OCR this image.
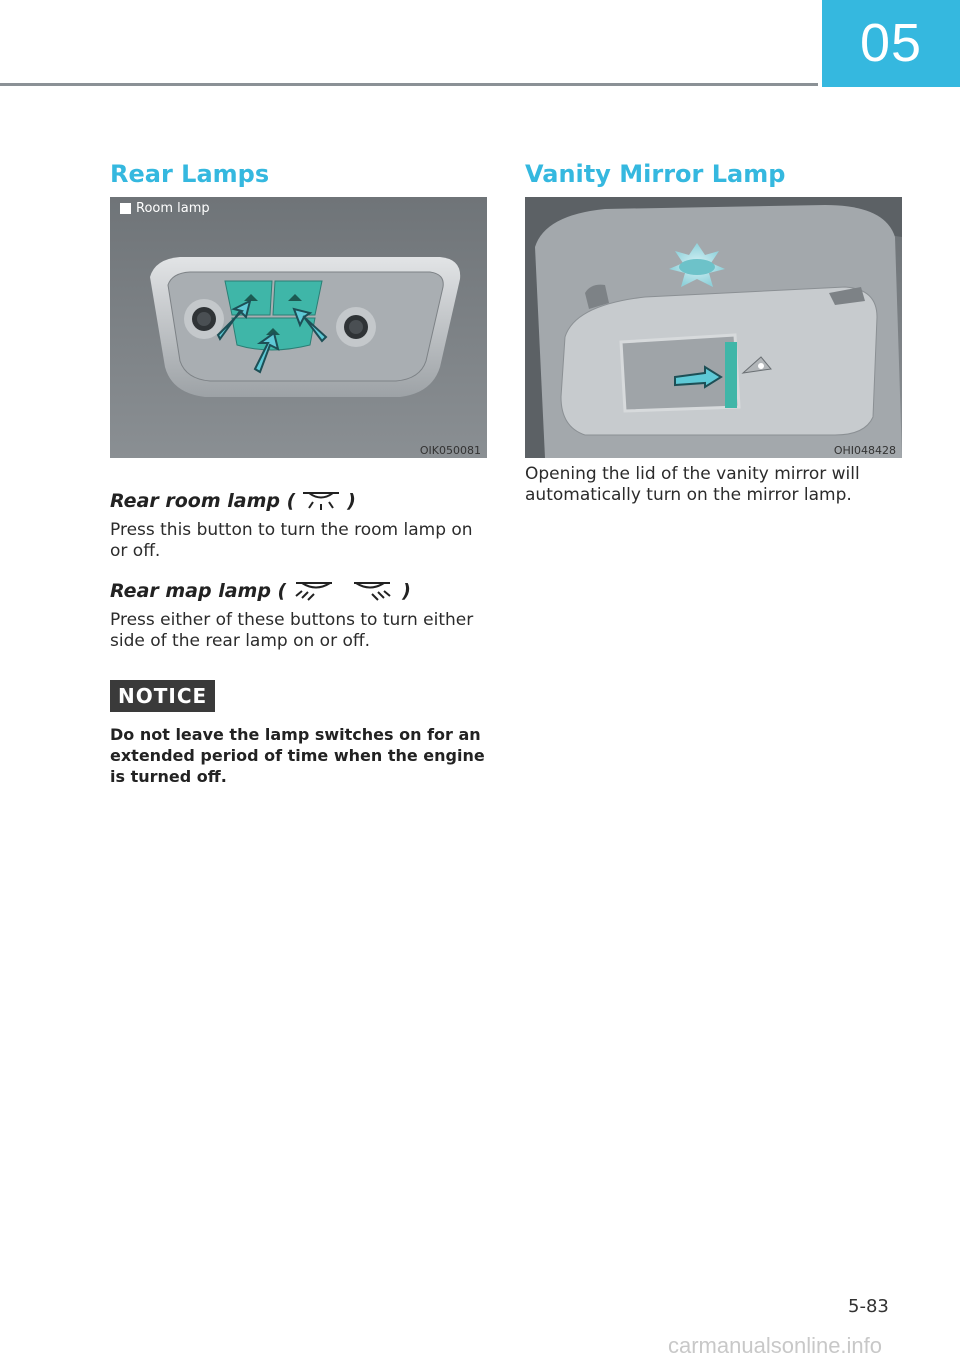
05
Rear Lamps
Room lamp
OIK050081
Rear room lamp (	)

Press this button to turn the room lamp on or off.

Rear map lamp (	)

Press either of these buttons to turn either side of the rear lamp on or off.

NOTICE
Do not leave the lamp switches on for an extended period of time when the engine is turned off.
Vanity Mirror Lamp
OHI048428

Opening the lid of the vanity mirror will automatically turn on the mirror lamp.

5-83
carmanualsonline.info
